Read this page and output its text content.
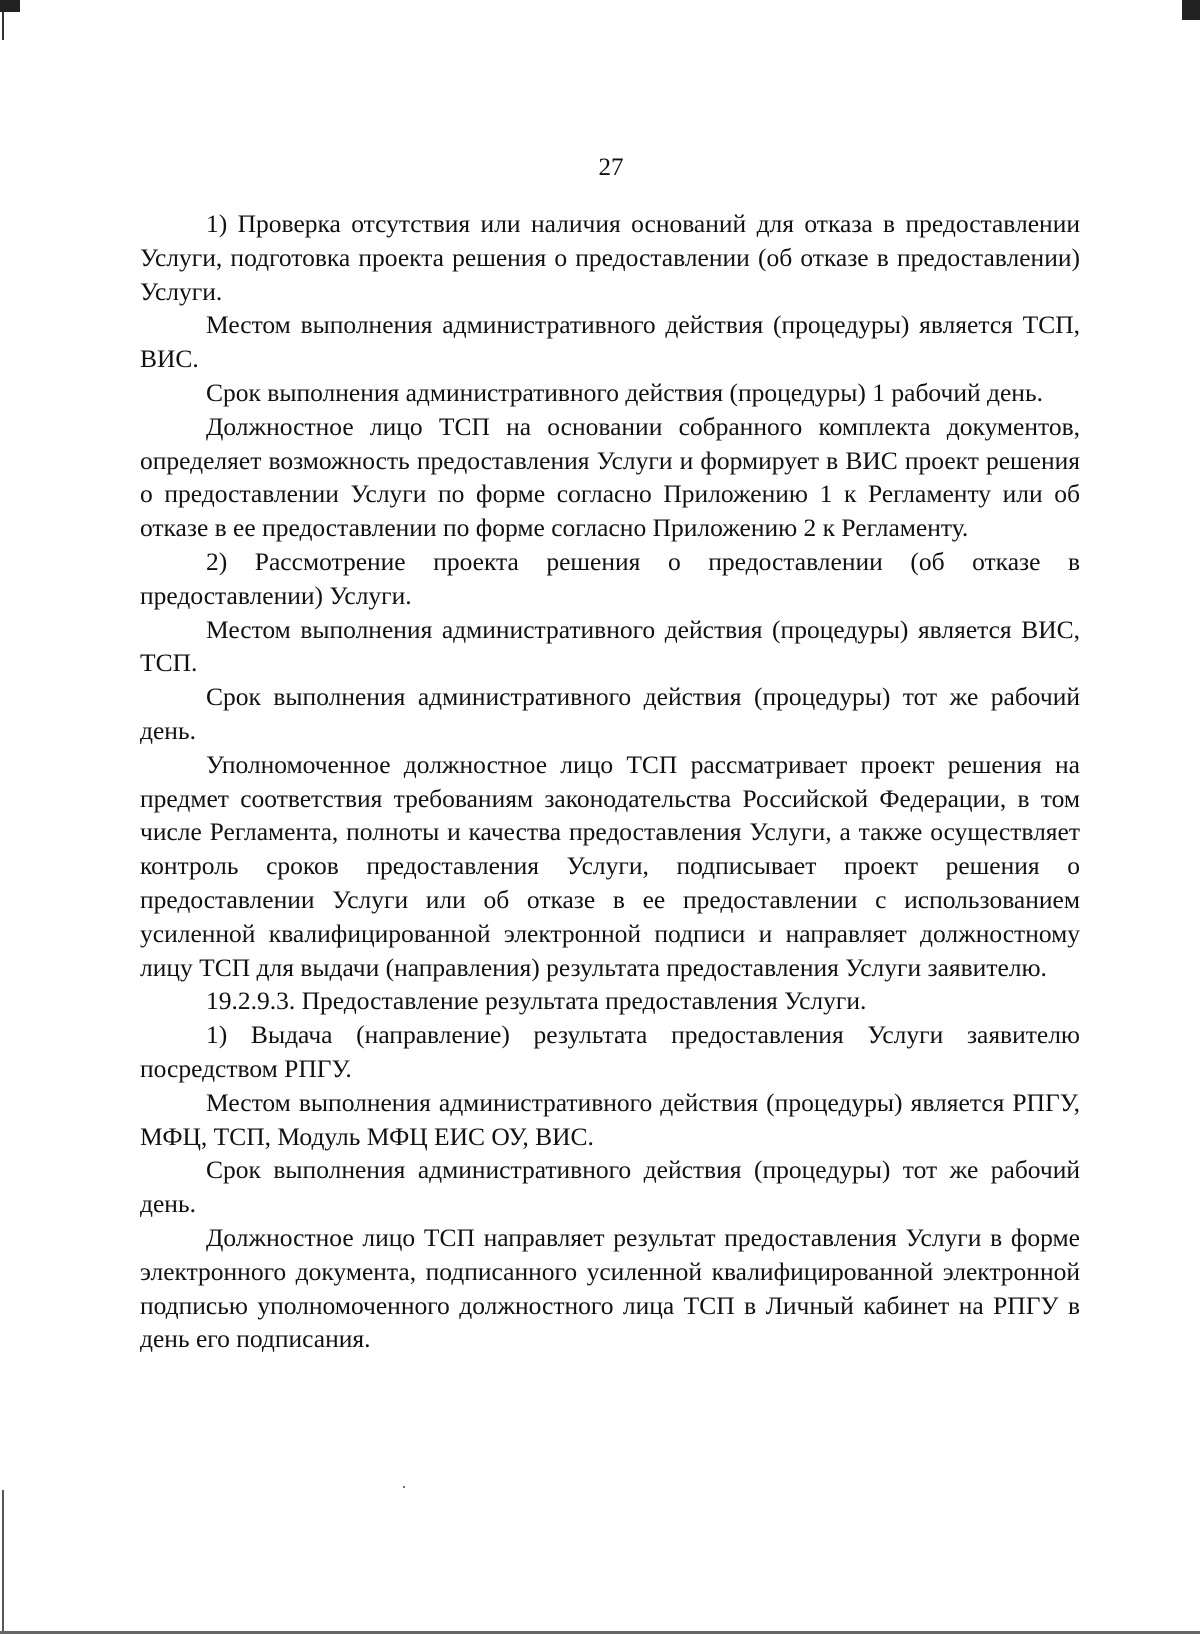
27

1) Проверка отсутствия или наличия оснований для отказа в предоставлении Услуги, подготовка проекта решения о предоставлении (об отказе в предоставлении) Услуги.

Местом выполнения административного действия (процедуры) является ТСП, ВИС.

Срок выполнения административного действия (процедуры) 1 рабочий день.

Должностное лицо ТСП на основании собранного комплекта документов, определяет возможность предоставления Услуги и формирует в ВИС проект решения о предоставлении Услуги по форме согласно Приложению 1 к Регламенту или об отказе в ее предоставлении по форме согласно Приложению 2 к Регламенту.

2) Рассмотрение проекта решения о предоставлении (об отказе в предоставлении) Услуги.

Местом выполнения административного действия (процедуры) является ВИС, ТСП.

Срок выполнения административного действия (процедуры) тот же рабочий день.

Уполномоченное должностное лицо ТСП рассматривает проект решения на предмет соответствия требованиям законодательства Российской Федерации, в том числе Регламента, полноты и качества предоставления Услуги, а также осуществляет контроль сроков предоставления Услуги, подписывает проект решения о предоставлении Услуги или об отказе в ее предоставлении с использованием усиленной квалифицированной электронной подписи и направляет должностному лицу ТСП для выдачи (направления) результата предоставления Услуги заявителю.

19.2.9.3. Предоставление результата предоставления Услуги.

1) Выдача (направление) результата предоставления Услуги заявителю посредством РПГУ.

Местом выполнения административного действия (процедуры) является РПГУ, МФЦ, ТСП, Модуль МФЦ ЕИС ОУ, ВИС.

Срок выполнения административного действия (процедуры) тот же рабочий день.

Должностное лицо ТСП направляет результат предоставления Услуги в форме электронного документа, подписанного усиленной квалифицированной электронной подписью уполномоченного должностного лица ТСП в Личный кабинет на РПГУ в день его подписания.
